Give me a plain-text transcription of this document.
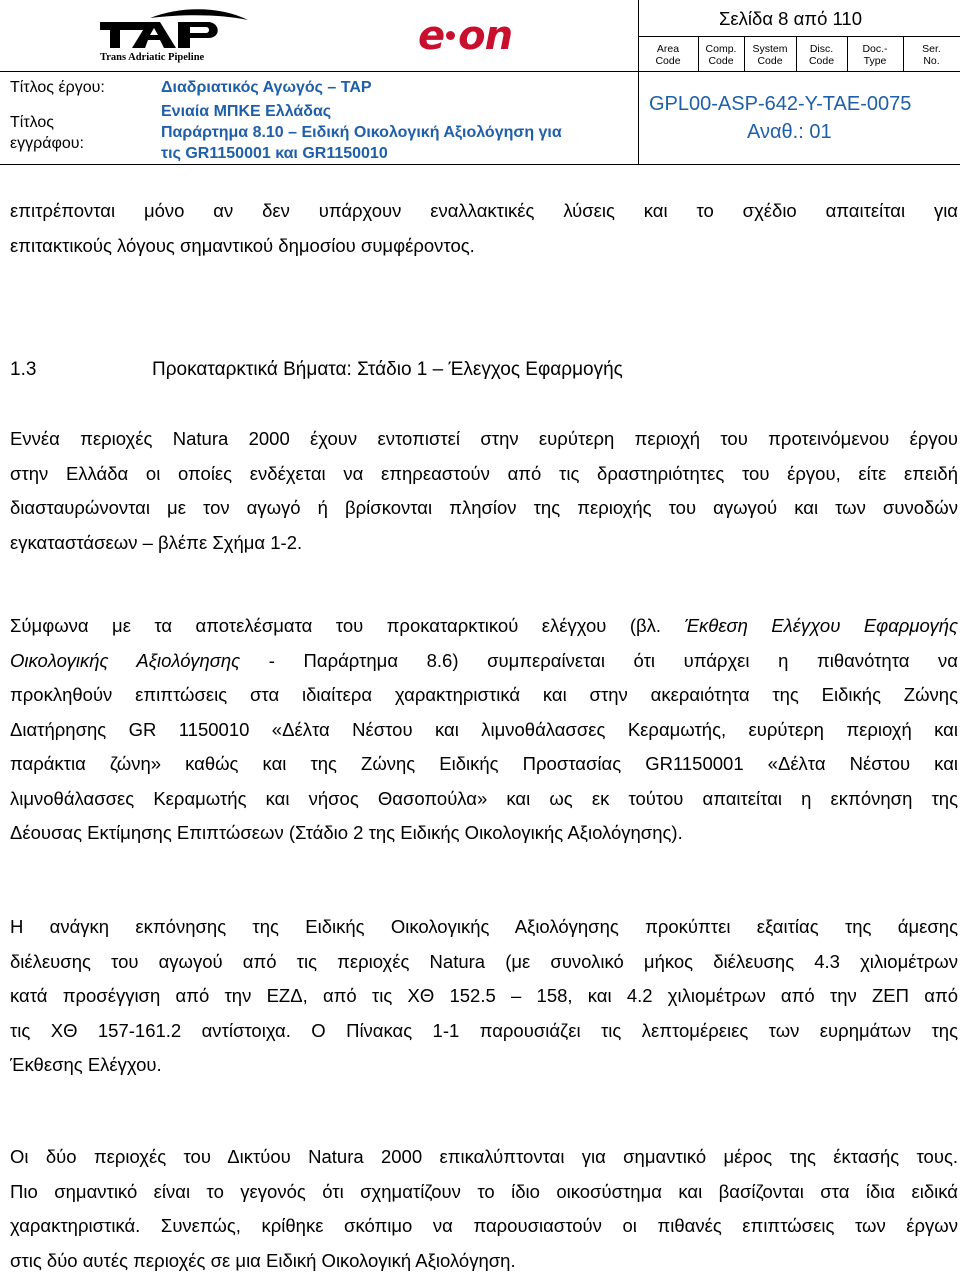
Trans Adriatic Pipeline	e on	Σελίδα 8 από 110
Area
Code
Comp.
Code
System
Code
Disc.
Code
Doc.-
Type
Ser.
No.
Τίτλος έργου:	Διαδριατικός Αγωγός – TAP
Τίτλος
εγγράφου:
Ενιαία ΜΠΚΕ Ελλάδας
Παράρτημα 8.10 – Ειδική Οικολογική Αξιολόγηση για
τις GR1150001 και GR1150010
GPL00-ASP-642-Y-TAE-0075
Αναθ.: 01
επιτρέπονται μόνο αν δεν υπάρχουν εναλλακτικές λύσεις και το σχέδιο απαιτείται για
επιτακτικούς λόγους σημαντικού δημοσίου συμφέροντος.
1.3	Προκαταρκτικά Βήματα: Στάδιο 1 – Έλεγχος Εφαρμογής
Εννέα περιοχές Natura 2000 έχουν εντοπιστεί στην ευρύτερη περιοχή του προτεινόμενου έργου
στην Ελλάδα οι οποίες ενδέχεται να επηρεαστούν από τις δραστηριότητες του έργου, είτε επειδή
διασταυρώνονται με τον αγωγό ή βρίσκονται πλησίον της περιοχής του αγωγού και των συνοδών
εγκαταστάσεων – βλέπε Σχήμα 1-2.
Σύμφωνα με τα αποτελέσματα του προκαταρκτικού ελέγχου (βλ. Έκθεση Ελέγχου Εφαρμογής
Οικολογικής Αξιολόγησης - Παράρτημα 8.6) συμπεραίνεται ότι υπάρχει η πιθανότητα να
προκληθούν επιπτώσεις στα ιδιαίτερα χαρακτηριστικά και στην ακεραιότητα της Ειδικής Ζώνης
Διατήρησης GR 1150010 «Δέλτα Νέστου και λιμνοθάλασσες Κεραμωτής, ευρύτερη περιοχή και
παράκτια ζώνη» καθώς και της Ζώνης Ειδικής Προστασίας GR1150001 «Δέλτα Νέστου και
λιμνοθάλασσες Κεραμωτής και νήσος Θασοπούλα» και ως εκ τούτου απαιτείται η εκπόνηση της
Δέουσας Εκτίμησης Επιπτώσεων (Στάδιο 2 της Ειδικής Οικολογικής Αξιολόγησης).
Η ανάγκη εκπόνησης της Ειδικής Οικολογικής Αξιολόγησης προκύπτει εξαιτίας της άμεσης
διέλευσης του αγωγού από τις περιοχές Natura (με συνολικό μήκος διέλευσης 4.3 χιλιομέτρων
κατά προσέγγιση από την ΕΖΔ, από τις ΧΘ 152.5 – 158, και 4.2 χιλιομέτρων από την ΖΕΠ από
τις ΧΘ 157-161.2 αντίστοιχα. Ο Πίνακας 1-1 παρουσιάζει τις λεπτομέρειες των ευρημάτων της
Έκθεσης Ελέγχου.
Οι δύο περιοχές του Δικτύου Natura 2000 επικαλύπτονται για σημαντικό μέρος της έκτασής τους.
Πιο σημαντικό είναι το γεγονός ότι σχηματίζουν το ίδιο οικοσύστημα και βασίζονται στα ίδια ειδικά
χαρακτηριστικά. Συνεπώς, κρίθηκε σκόπιμο να παρουσιαστούν οι πιθανές επιπτώσεις των έργων
στις δύο αυτές περιοχές σε μια Ειδική Οικολογική Αξιολόγηση.
